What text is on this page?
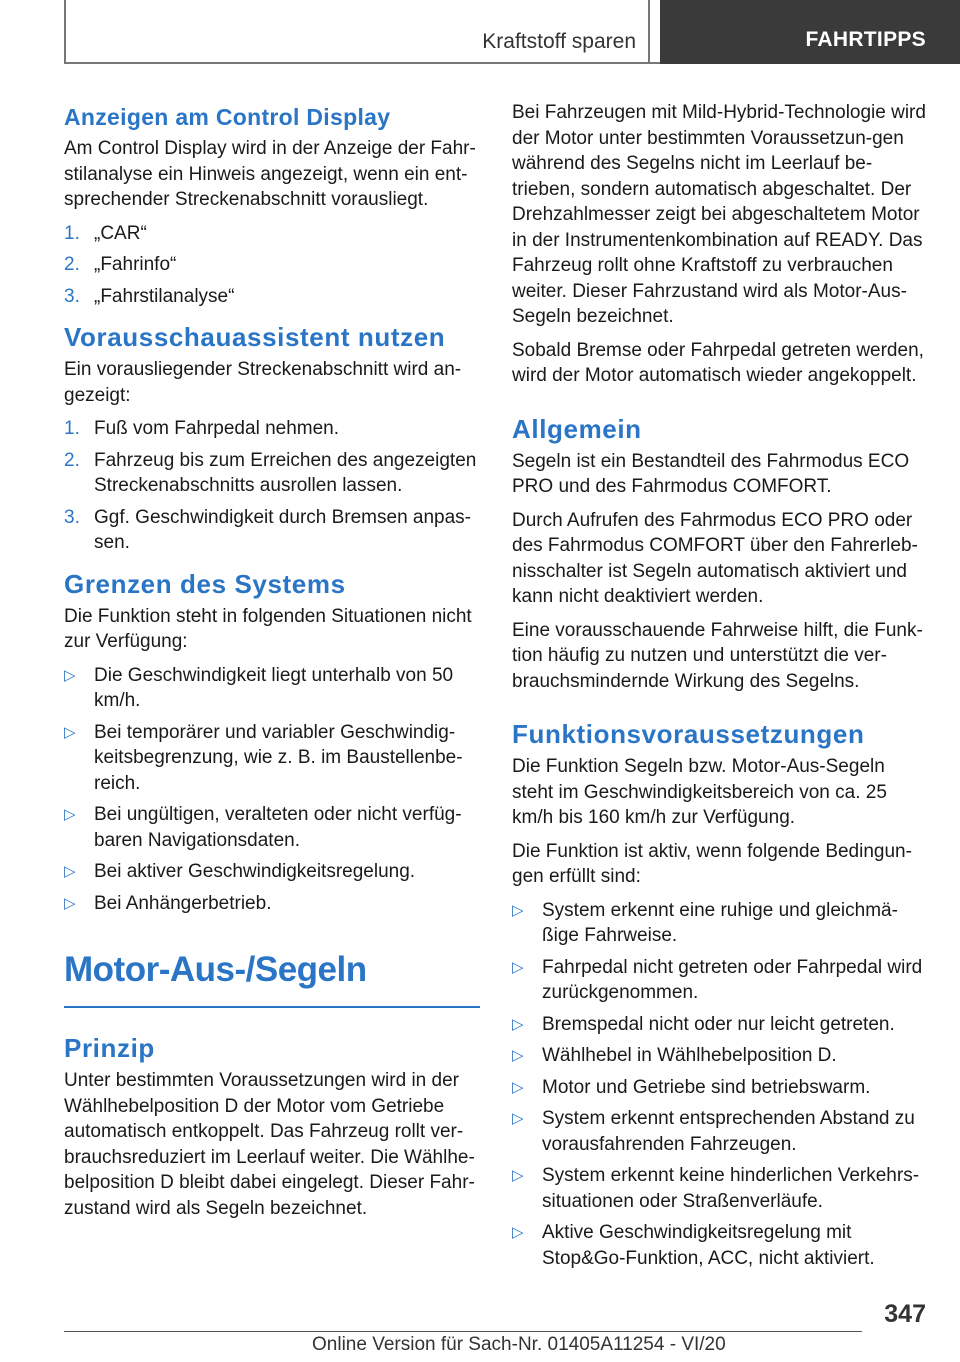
Kraftstoff sparen	FAHRTIPPS
Anzeigen am Control Display

Am Control Display wird in der Anzeige der Fahr-stilanalyse ein Hinweis angezeigt, wenn ein ent-sprechender Streckenabschnitt vorausliegt.

1. „CAR“
2. „Fahrinfo“
3. „Fahrstilanalyse“
Vorausschauassistent nutzen

Ein vorausliegender Streckenabschnitt wird an-gezeigt:

1. Fuß vom Fahrpedal nehmen.
2. Fahrzeug bis zum Erreichen des angezeigten Streckenabschnitts ausrollen lassen.
3. Ggf. Geschwindigkeit durch Bremsen anpas-sen.
Grenzen des Systems

Die Funktion steht in folgenden Situationen nicht zur Verfügung:

▷ Die Geschwindigkeit liegt unterhalb von 50 km/h.
▷ Bei temporärer und variabler Geschwindig-keitsbegrenzung, wie z. B. im Baustellenbe-reich.
▷ Bei ungültigen, veralteten oder nicht verfüg-baren Navigationsdaten.
▷ Bei aktiver Geschwindigkeitsregelung.
▷ Bei Anhängerbetrieb.
Motor-Aus-/Segeln
Prinzip

Unter bestimmten Voraussetzungen wird in der Wählhebelposition D der Motor vom Getriebe automatisch entkoppelt. Das Fahrzeug rollt ver-brauchsreduziert im Leerlauf weiter. Die Wählhe-belposition D bleibt dabei eingelegt. Dieser Fahr-zustand wird als Segeln bezeichnet.

Bei Fahrzeugen mit Mild-Hybrid-Technologie wird der Motor unter bestimmten Voraussetzun-gen während des Segelns nicht im Leerlauf be-trieben, sondern automatisch abgeschaltet. Der Drehzahlmesser zeigt bei abgeschaltetem Motor in der Instrumentenkombination auf READY. Das Fahrzeug rollt ohne Kraftstoff zu verbrauchen weiter. Dieser Fahrzustand wird als Motor-Aus-Segeln bezeichnet.

Sobald Bremse oder Fahrpedal getreten werden, wird der Motor automatisch wieder angekoppelt.

Allgemein

Segeln ist ein Bestandteil des Fahrmodus ECO PRO und des Fahrmodus COMFORT.

Durch Aufrufen des Fahrmodus ECO PRO oder des Fahrmodus COMFORT über den Fahrerleb-nisschalter ist Segeln automatisch aktiviert und kann nicht deaktiviert werden.

Eine vorausschauende Fahrweise hilft, die Funk-tion häufig zu nutzen und unterstützt die ver-brauchsmindernde Wirkung des Segelns.

Funktionsvoraussetzungen

Die Funktion Segeln bzw. Motor-Aus-Segeln steht im Geschwindigkeitsbereich von ca. 25 km/h bis 160 km/h zur Verfügung.

Die Funktion ist aktiv, wenn folgende Bedingun-gen erfüllt sind:

▷ System erkennt eine ruhige und gleichmä-ßige Fahrweise.
▷ Fahrpedal nicht getreten oder Fahrpedal wird zurückgenommen.
▷ Bremspedal nicht oder nur leicht getreten.
▷ Wählhebel in Wählhebelposition D.
▷ Motor und Getriebe sind betriebswarm.
▷ System erkennt entsprechenden Abstand zu vorausfahrenden Fahrzeugen.
▷ System erkennt keine hinderlichen Verkehrs-situationen oder Straßenverläufe.
▷ Aktive Geschwindigkeitsregelung mit Stop&Go-Funktion, ACC, nicht aktiviert.
347
Online Version für Sach-Nr. 01405A11254 - VI/20
